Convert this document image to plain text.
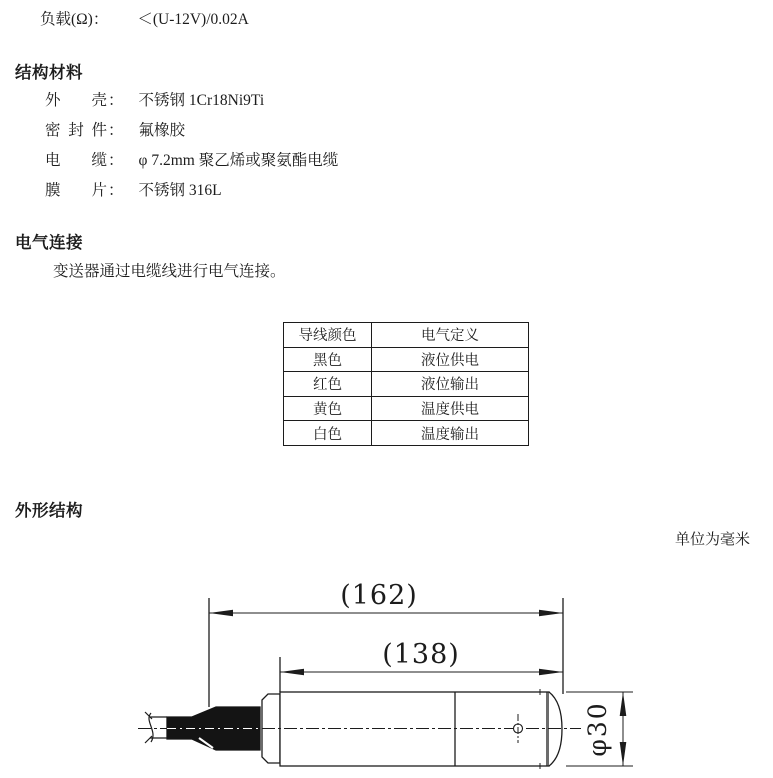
负载(Ω)： ＜(U-12V)/0.02A
结构材料
外 壳 ： 不锈钢 1Cr18Ni9Ti
密 封 件 ： 氟橡胶
电 缆 ： φ 7.2mm 聚乙烯或聚氨酯电缆
膜 片 ： 不锈钢 316L
电气连接
变送器通过电缆线进行电气连接。
导线颜色	电气定义
黑色	液位供电
红色	液位输出
黄色	温度供电
白色	温度输出
外形结构
单位为毫米
(162)
(138)
φ30
